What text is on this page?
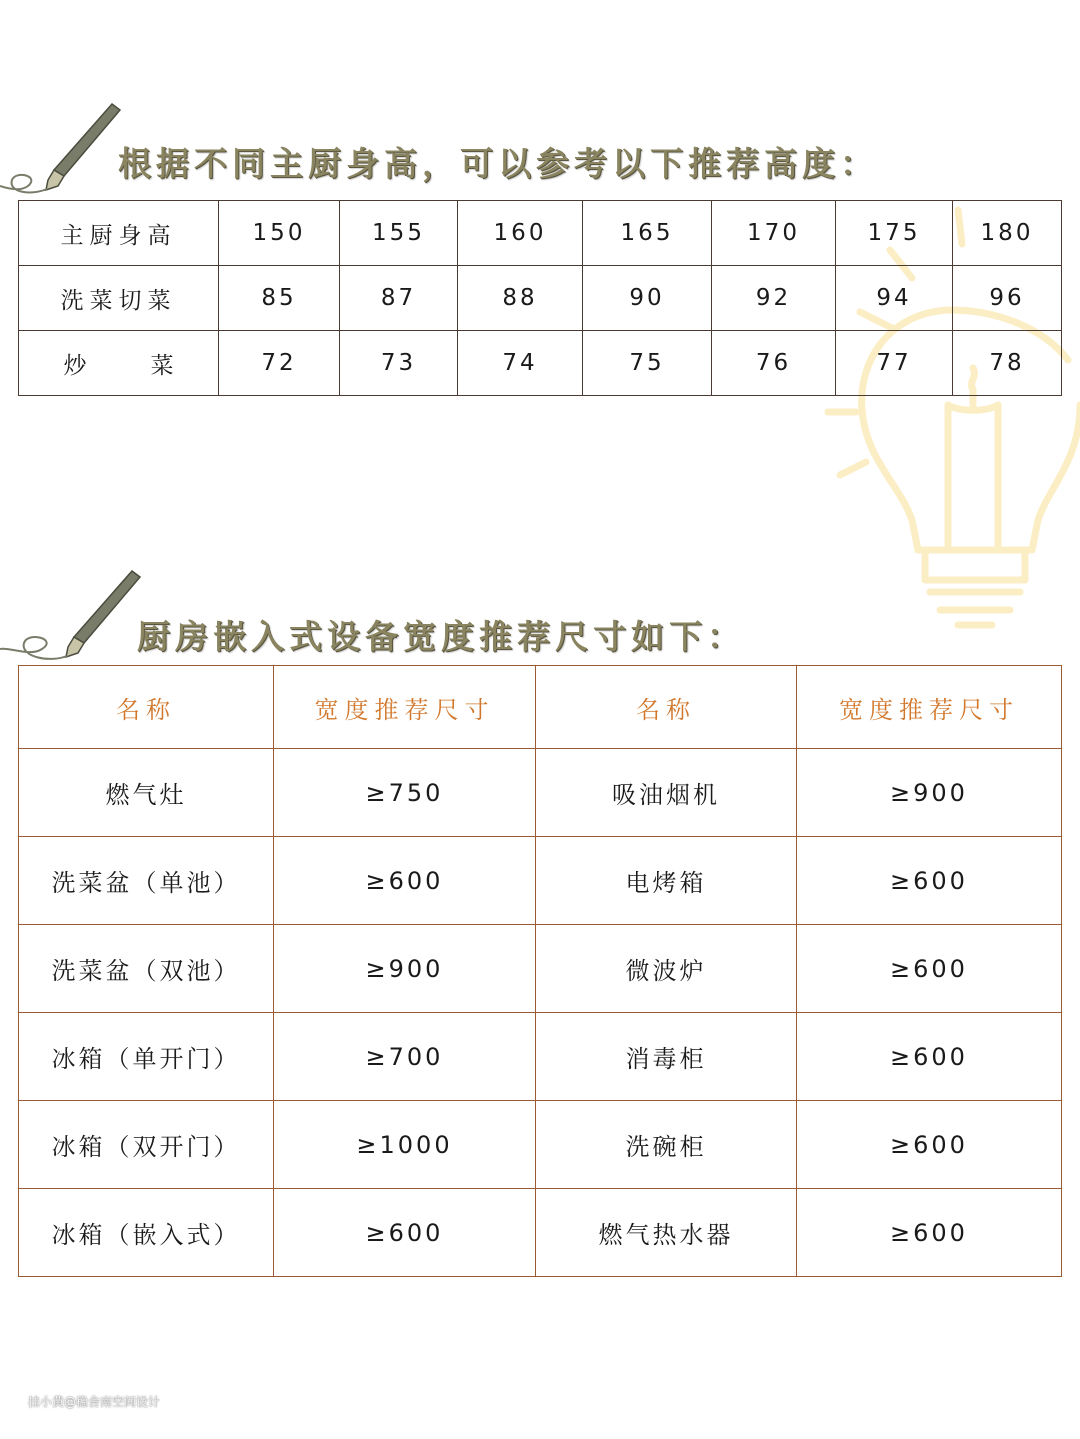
根据不同主厨身高，可以参考以下推荐高度：
主厨身高	150	155	160	165	170	175	180
洗菜切菜	85	87	88	90	92	94	96
炒 菜	72	73	74	75	76	77	78
厨房嵌入式设备宽度推荐尺寸如下：
名称	宽度推荐尺寸	名称	宽度推荐尺寸
燃气灶	≥750	吸油烟机	≥900
洗菜盆（单池）	≥600	电烤箱	≥600
洗菜盆（双池）	≥900	微波炉	≥600
冰箱（单开门）	≥700	消毒柜	≥600
冰箱（双开门）	≥1000	洗碗柜	≥600
冰箱（嵌入式）	≥600	燃气热水器	≥600
挂小黄@稳舍南空间设计
